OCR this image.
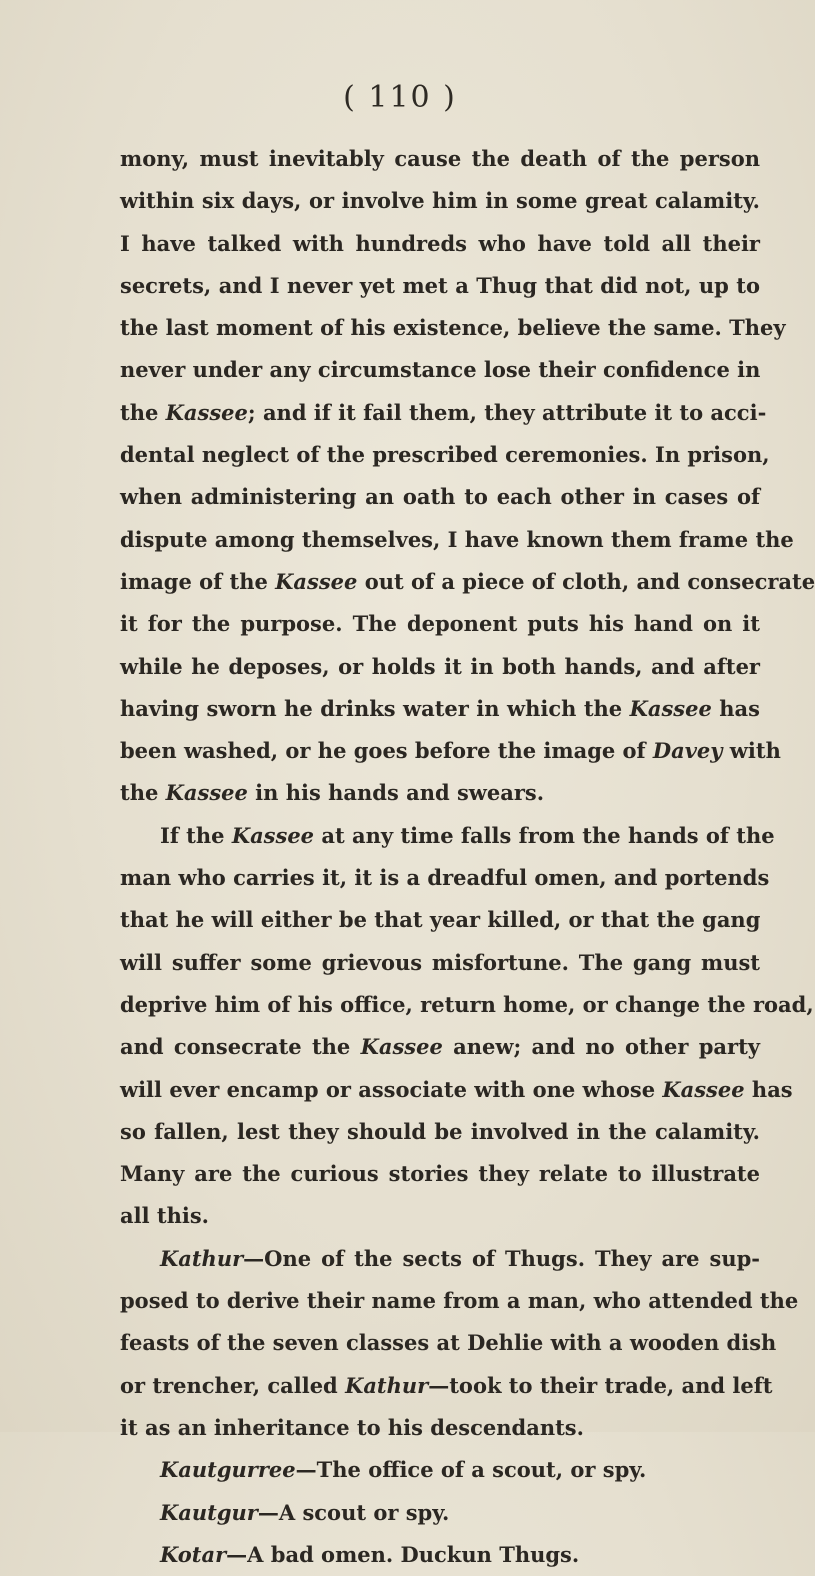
( 110 )
mony, must inevitably cause the death of the person
within six days, or involve him in some great calamity.
I have talked with hundreds who have told all their
secrets, and I never yet met a Thug that did not, up to
the last moment of his existence, believe the same. They
never under any circumstance lose their confidence in
the Kassee; and if it fail them, they attribute it to acci-
dental neglect of the prescribed ceremonies. In prison,
when administering an oath to each other in cases of
dispute among themselves, I have known them frame the
image of the Kassee out of a piece of cloth, and consecrate
it for the purpose. The deponent puts his hand on it
while he deposes, or holds it in both hands, and after
having sworn he drinks water in which the Kassee has
been washed, or he goes before the image of Davey with
the Kassee in his hands and swears.
If the Kassee at any time falls from the hands of the
man who carries it, it is a dreadful omen, and portends
that he will either be that year killed, or that the gang
will suffer some grievous misfortune. The gang must
deprive him of his office, return home, or change the road,
and consecrate the Kassee anew; and no other party
will ever encamp or associate with one whose Kassee has
so fallen, lest they should be involved in the calamity.
Many are the curious stories they relate to illustrate
all this.
Kathur—One of the sects of Thugs. They are sup-
posed to derive their name from a man, who attended the
feasts of the seven classes at Dehlie with a wooden dish
or trencher, called Kathur—took to their trade, and left
it as an inheritance to his descendants.
Kautgurree—The office of a scout, or spy.
Kautgur—A scout or spy.
Kotar—A bad omen. Duckun Thugs.
